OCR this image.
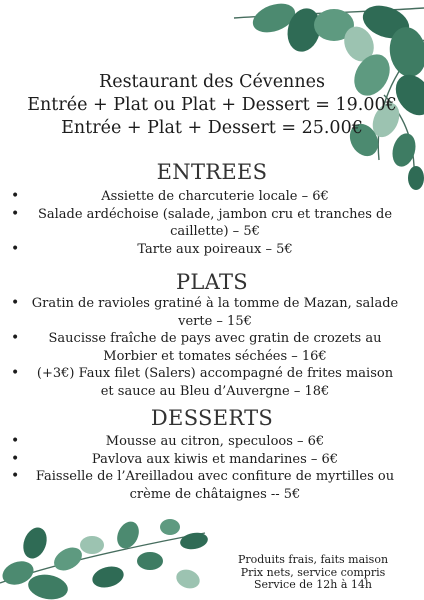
Restaurant des Cévennes
Entrée + Plat ou Plat + Dessert = 19.00€
Entrée + Plat + Dessert = 25.00€
ENTREES
•	Assiette de charcuterie locale – 6€
• Salade ardéchoise (salade, jambon cru et tranches de caillette) – 5€
•	Tarte aux poireaux – 5€
PLATS
• Gratin de ravioles gratiné à la tomme de Mazan, salade verte – 15€
• Saucisse fraîche de pays avec gratin de crozets au Morbier et tomates séchées – 16€
• (+3€) Faux filet (Salers) accompagné de frites maison et sauce au Bleu d’Auvergne – 18€
DESSERTS
•	Mousse au citron, speculoos – 6€
•	Pavlova aux kiwis et mandarines – 6€
• Faisselle de l’Areilladou avec confiture de myrtilles ou crème de châtaignes -- 5€
Produits frais, faits maison
Prix nets, service compris
Service de 12h à 14h
